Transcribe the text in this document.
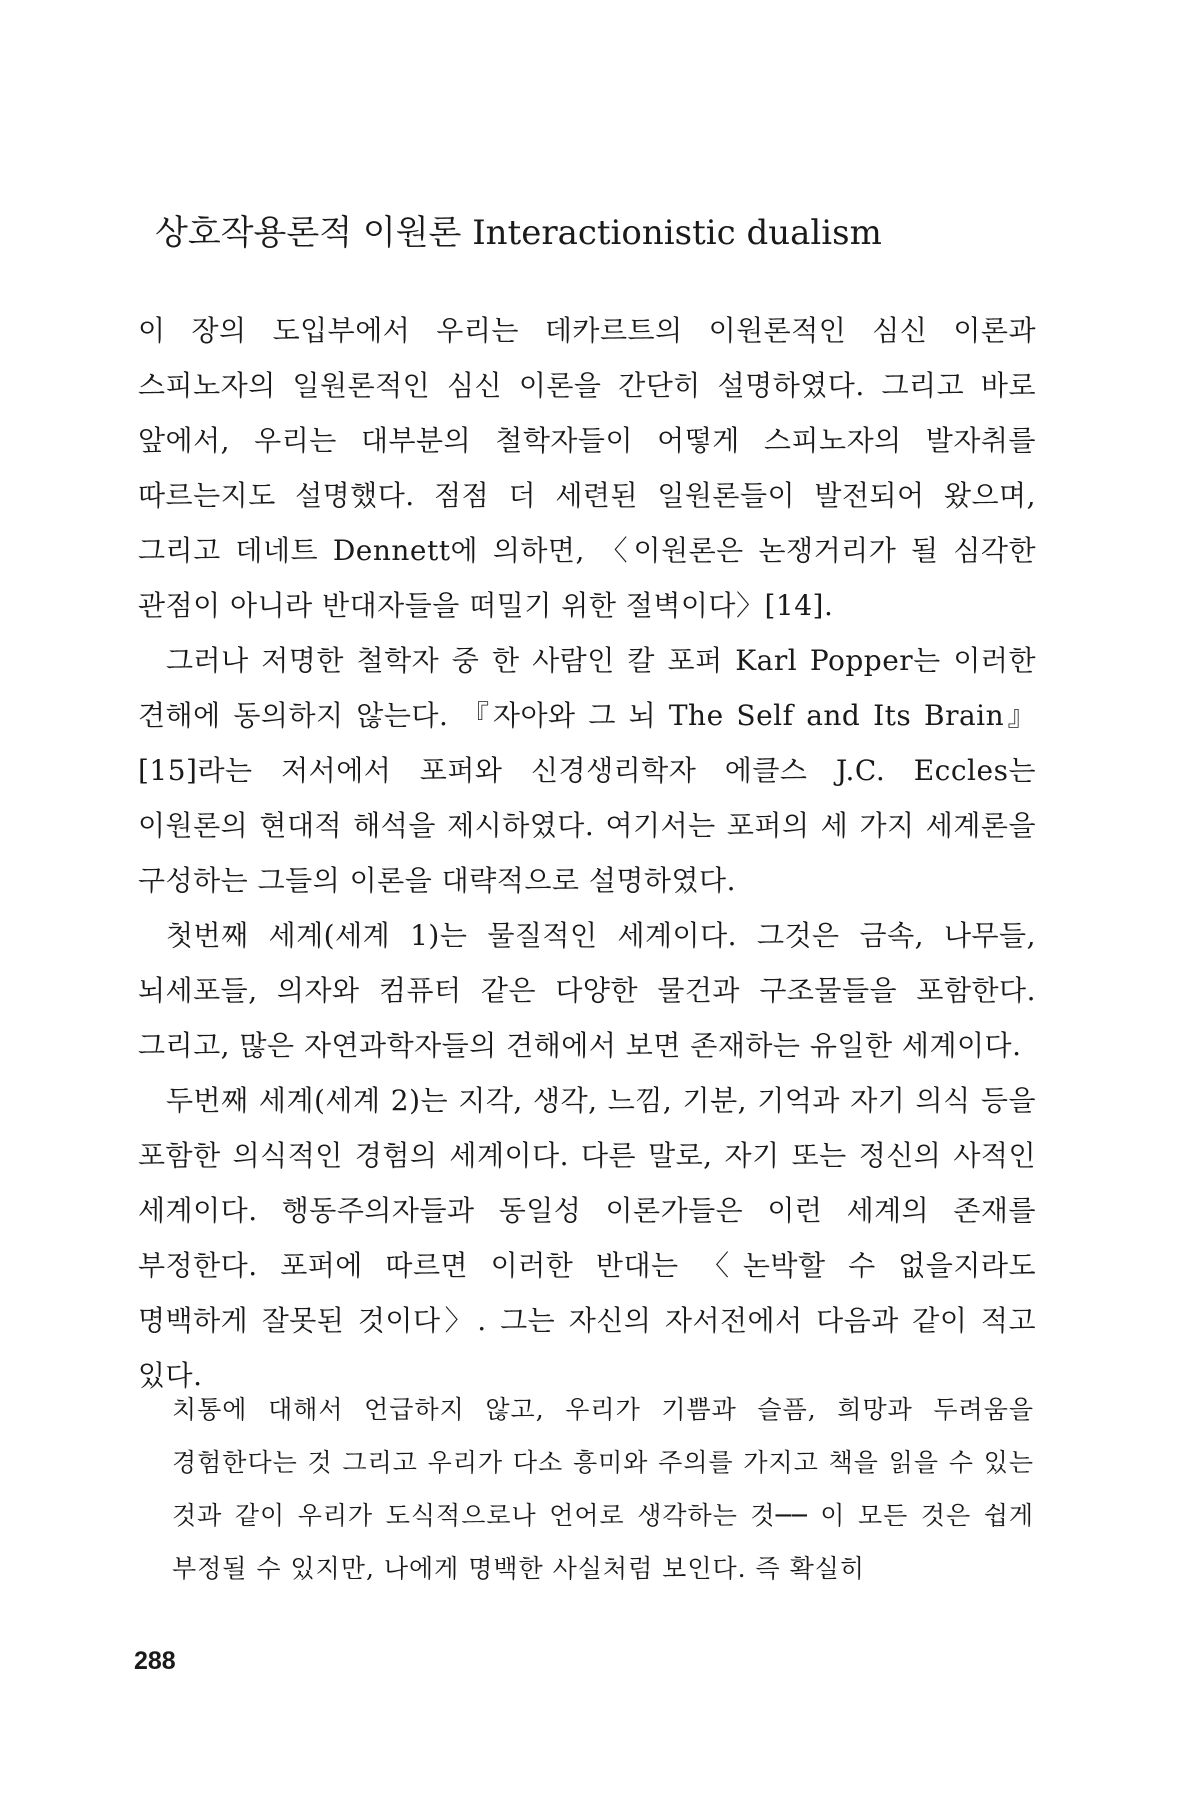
상호작용론적 이원론 Interactionistic dualism

이 장의 도입부에서 우리는 데카르트의 이원론적인 심신 이론과 스피노자의 일원론적인 심신 이론을 간단히 설명하였다. 그리고 바로 앞에서, 우리는 대부분의 철학자들이 어떻게 스피노자의 발자취를 따르는지도 설명했다. 점점 더 세련된 일원론들이 발전되어 왔으며, 그리고 데네트 Dennett에 의하면, 〈이원론은 논쟁거리가 될 심각한 관점이 아니라 반대자들을 떠밀기 위한 절벽이다〉[14].

그러나 저명한 철학자 중 한 사람인 칼 포퍼 Karl Popper는 이러한 견해에 동의하지 않는다. 『자아와 그 뇌 The Self and Its Brain』[15]라는 저서에서 포퍼와 신경생리학자 에클스 J.C. Eccles는 이원론의 현대적 해석을 제시하였다. 여기서는 포퍼의 세 가지 세계론을 구성하는 그들의 이론을 대략적으로 설명하였다.

첫번째 세계(세계 1)는 물질적인 세계이다. 그것은 금속, 나무들, 뇌세포들, 의자와 컴퓨터 같은 다양한 물건과 구조물들을 포함한다. 그리고, 많은 자연과학자들의 견해에서 보면 존재하는 유일한 세계이다.

두번째 세계(세계 2)는 지각, 생각, 느낌, 기분, 기억과 자기 의식 등을 포함한 의식적인 경험의 세계이다. 다른 말로, 자기 또는 정신의 사적인 세계이다. 행동주의자들과 동일성 이론가들은 이런 세계의 존재를 부정한다. 포퍼에 따르면 이러한 반대는 〈논박할 수 없을지라도 명백하게 잘못된 것이다〉. 그는 자신의 자서전에서 다음과 같이 적고 있다.

치통에 대해서 언급하지 않고, 우리가 기쁨과 슬픔, 희망과 두려움을 경험한다는 것 그리고 우리가 다소 흥미와 주의를 가지고 책을 읽을 수 있는 것과 같이 우리가 도식적으로나 언어로 생각하는 것── 이 모든 것은 쉽게 부정될 수 있지만, 나에게 명백한 사실처럼 보인다. 즉 확실히

288
